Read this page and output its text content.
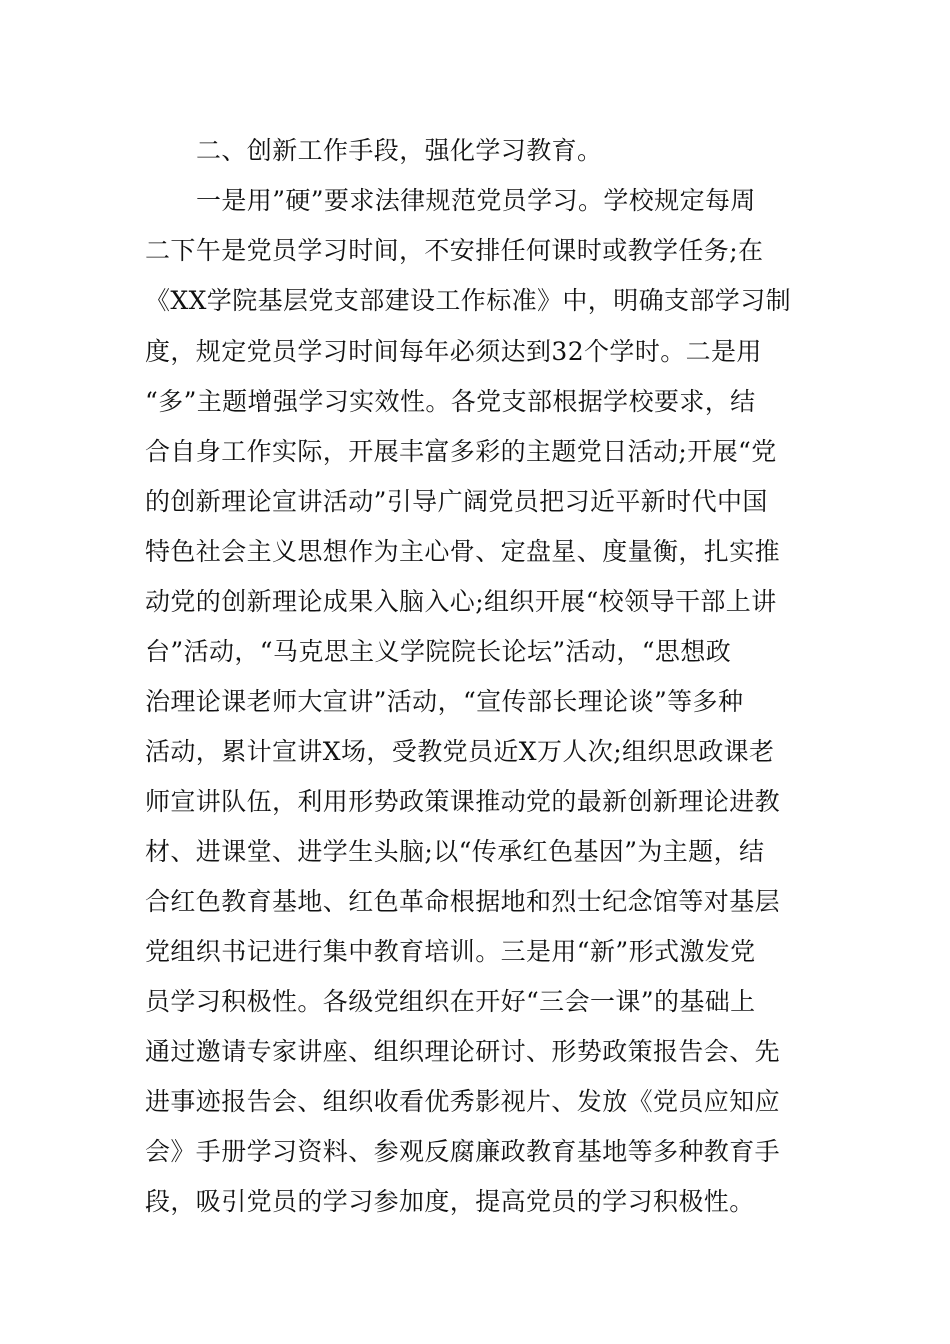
二、创新工作手段，强化学习教育。
一是用”硬”要求法律规范党员学习。学校规定每周
二下午是党员学习时间，不安排任何课时或教学任务;在
《XX学院基层党支部建设工作标准》中，明确支部学习制
度，规定党员学习时间每年必须达到32个学时。二是用
“多”主题增强学习实效性。各党支部根据学校要求，结
合自身工作实际，开展丰富多彩的主题党日活动;开展“党
的创新理论宣讲活动”引导广阔党员把习近平新时代中国
特色社会主义思想作为主心骨、定盘星、度量衡，扎实推
动党的创新理论成果入脑入心;组织开展“校领导干部上讲
台”活动，“马克思主义学院院长论坛”活动，“思想政
治理论课老师大宣讲”活动，“宣传部长理论谈”等多种
活动，累计宣讲X场，受教党员近X万人次;组织思政课老
师宣讲队伍，利用形势政策课推动党的最新创新理论进教
材、进课堂、进学生头脑;以“传承红色基因”为主题，结
合红色教育基地、红色革命根据地和烈士纪念馆等对基层
党组织书记进行集中教育培训。三是用“新”形式激发党
员学习积极性。各级党组织在开好“三会一课”的基础上
通过邀请专家讲座、组织理论研讨、形势政策报告会、先
进事迹报告会、组织收看优秀影视片、发放《党员应知应
会》手册学习资料、参观反腐廉政教育基地等多种教育手
段，吸引党员的学习参加度，提高党员的学习积极性。
